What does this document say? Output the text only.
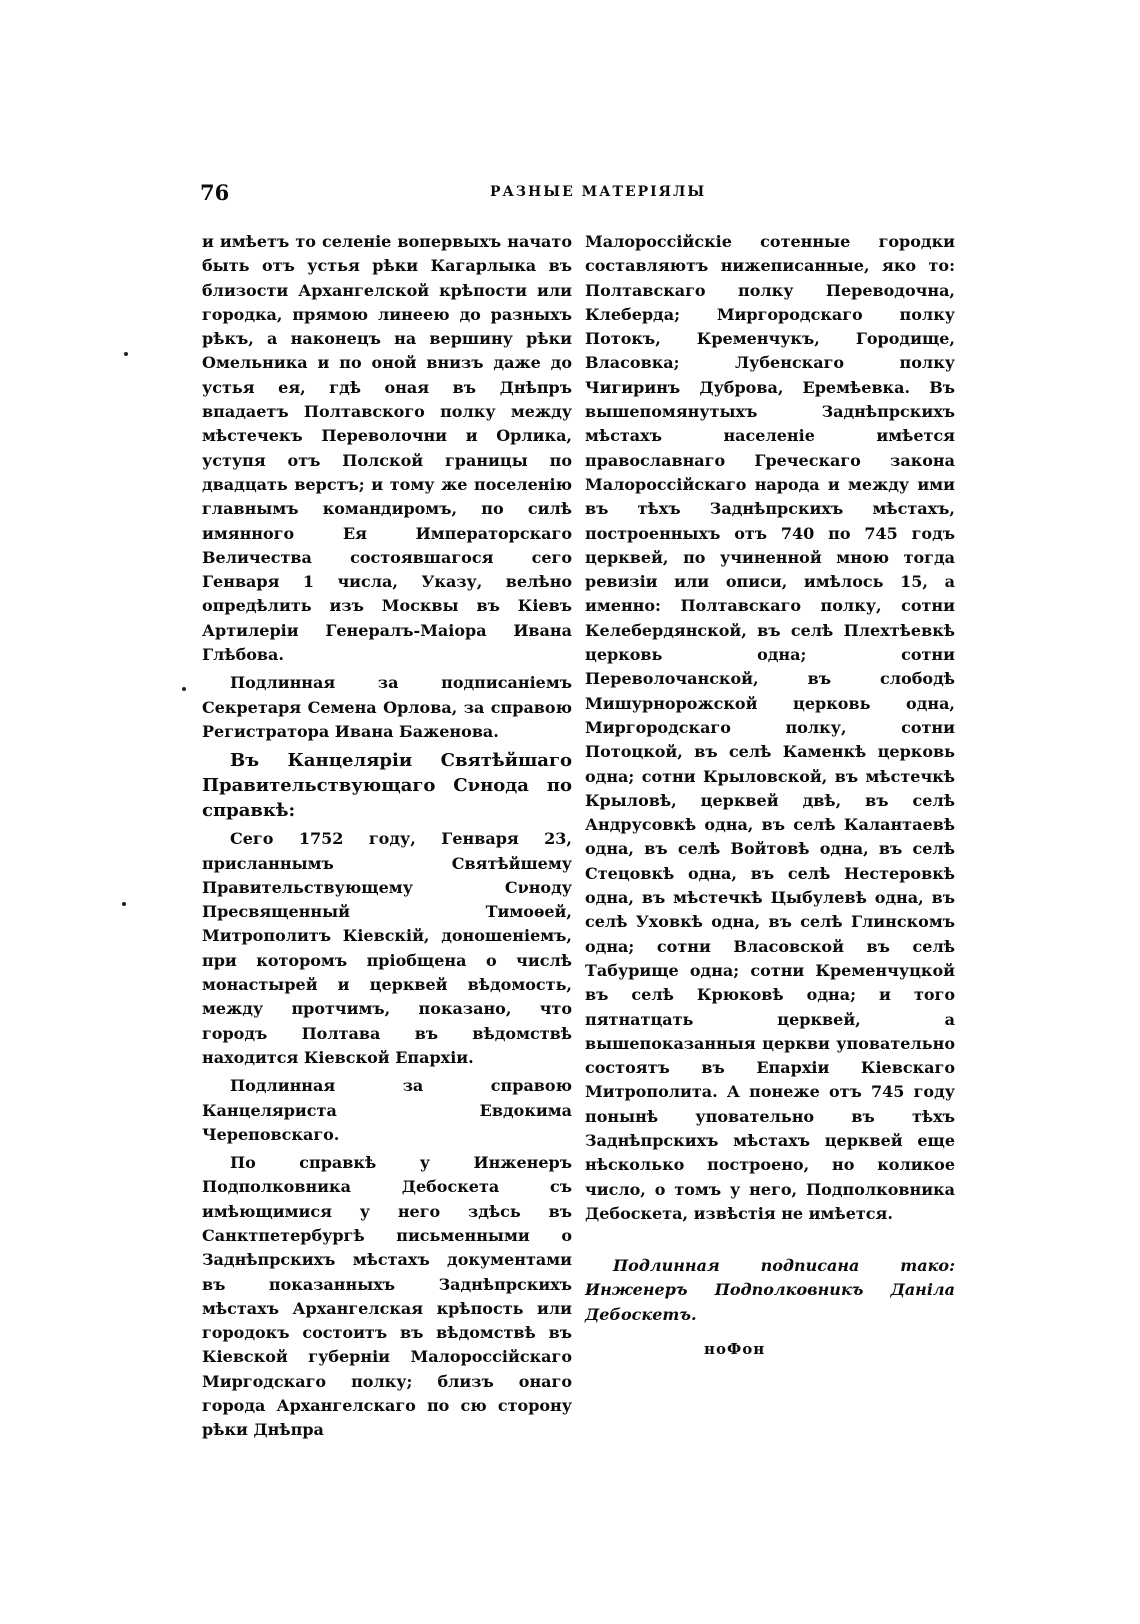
76	РАЗНЫЕ МАТЕРІЯЛЫ

и имѣетъ то селеніе вопервыхъ начато быть отъ устья рѣки Кагарлыка въ близости Архангелской крѣпости или городка, прямою линеею до разныхъ рѣкъ, а наконецъ на вершину рѣки Омельника и по оной внизъ даже до устья ея, гдѣ оная въ Днѣпръ впадаетъ Полтавского полку между мѣстечекъ Переволочни и Орлика, уступя отъ Полской границы по двадцать верстъ; и тому же поселенію главнымъ командиромъ, по силѣ имянного Ея Императорскаго Величества состоявшагося сего Генваря 1 числа, Указу, велѣно опредѣлить изъ Москвы въ Кіевъ Артилеріи Генералъ-Маіора Ивана Глѣбова.

Подлинная за подписаніемъ Секретаря Семена Орлова, за справою Регистратора Ивана Баженова.

Въ Канцеляріи Святѣйшаго Правительствующаго Сνнода по справкѣ:

Сего 1752 году, Генваря 23, присланнымъ Святѣйшему Правительствующему Сνноду Пресвященный Тимоѳей, Митрополитъ Кіевскій, доношеніемъ, при которомъ пріобщена о числѣ монастырей и церквей вѣдомость, между протчимъ, показано, что городъ Полтава въ вѣдомствѣ находится Кіевской Епархіи.

Подлинная за справою Канцеляриста Евдокима Череповскаго.

По справкѣ у Инженеръ Подполковника Дебоскета съ имѣющимися у него здѣсь въ Санктпетербургѣ письменными о Заднѣпрскихъ мѣстахъ документами въ показанныхъ Заднѣпрскихъ мѣстахъ Архангелская крѣпость или городокъ состоитъ въ вѣдомствѣ въ Кіевской губерніи Малороссійскаго Миргодскаго полку; близъ онаго города Архангелскаго по сю сторону рѣки Днѣпра

Малороссійскіе сотенные городки составляютъ нижеписанные, яко то: Полтавскаго полку Переводочна, Клеберда; Миргородскаго полку Потокъ, Кременчукъ, Городище, Власовка; Лубенскаго полку Чигиринъ Дуброва, Еремѣевка. Въ вышепомянутыхъ Заднѣпрскихъ мѣстахъ населеніе имѣется православнаго Греческаго закона Малороссійскаго народа и между ими въ тѣхъ Заднѣпрскихъ мѣстахъ, построенныхъ отъ 740 по 745 годъ церквей, по учиненной мною тогда ревизіи или описи, имѣлось 15, а именно: Полтавскаго полку, сотни Келебердянской, въ селѣ Плехтѣевкѣ церковь одна; сотни Переволочанской, въ слободѣ Мишурнорожской церковь одна, Миргородскаго полку, сотни Потоцкой, въ селѣ Каменкѣ церковь одна; сотни Крыловской, въ мѣстечкѣ Крыловѣ, церквей двѣ, въ селѣ Андрусовкѣ одна, въ селѣ Калантаевѣ одна, въ селѣ Войтовѣ одна, въ селѣ Стецовкѣ одна, въ селѣ Нестеровкѣ одна, въ мѣстечкѣ Цыбулевѣ одна, въ селѣ Уховкѣ одна, въ селѣ Глинскомъ одна; сотни Власовской въ селѣ Табурище одна; сотни Кременчуцкой въ селѣ Крюковѣ одна; и того пятнатцать церквей, а вышепоказанныя церкви уповательно состоятъ въ Епархіи Кіевскаго Митрополита. А понеже отъ 745 году понынѣ уповательно въ тѣхъ Заднѣпрскихъ мѣстахъ церквей еще нѣсколько построено, но коликое число, о томъ у него, Подполковника Дебоскета, извѣстія не имѣется.

Подлинная подписана тако: Инженеръ Подполковникъ Даніла Дебоскетъ.

ноФон
